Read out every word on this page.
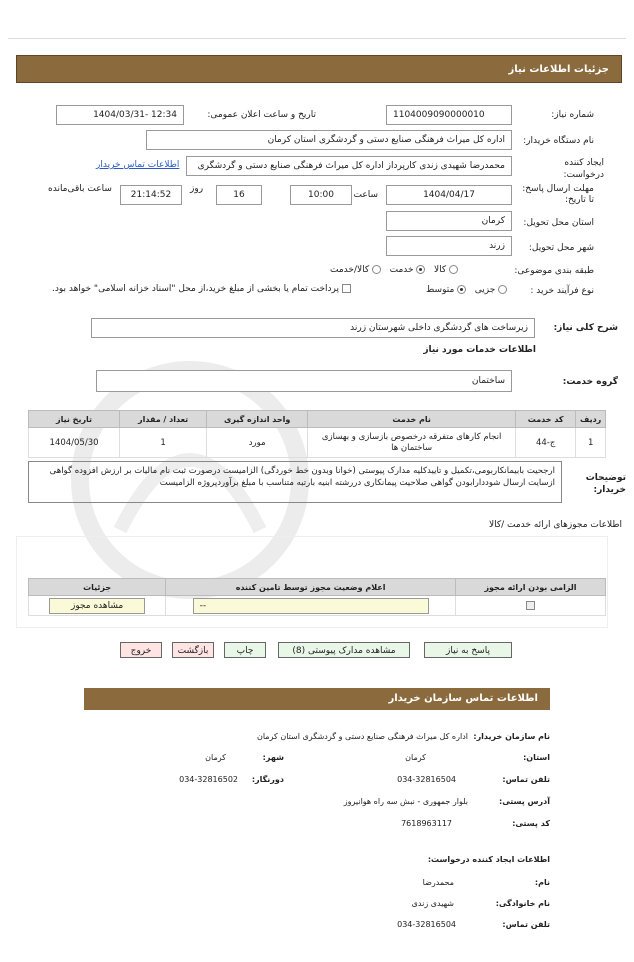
جزئیات اطلاعات نیاز
شماره نیاز:
1104009090000010
تاریخ و ساعت اعلان عمومی:
1404/03/31- 12:34
نام دستگاه خریدار:
اداره کل میراث فرهنگی صنایع دستی و گردشگری استان کرمان
ایجاد کننده درخواست:
محمدرضا شهیدی زندی کارپرداز اداره کل میراث فرهنگی صنایع دستی و گردشگری
اطلاعات تماس خریدار
مهلت ارسال پاسخ: تا تاریخ:
1404/04/17
ساعت
10:00
16
روز
21:14:52
ساعت باقی‌مانده
استان محل تحویل:
کرمان
شهر محل تحویل:
زرند
طبقه بندی موضوعی:
کالا    خدمت    کالا/خدمت
نوع فرآیند خرید :
جزیی    متوسط
پرداخت تمام یا بخشی از مبلغ خرید،از محل "اسناد خزانه اسلامی" خواهد بود.
شرح کلی نیاز:
زیرساخت های گردشگری داخلی شهرستان زرند
اطلاعات خدمات مورد نیاز
گروه خدمت:
ساختمان
ردیف	کد خدمت	نام خدمت	واحد اندازه گیری	تعداد / مقدار	تاریخ نیاز
1	ج-44	انجام کارهای متفرقه درخصوص بازسازی و بهسازی ساختمان ها	مورد	1	1404/05/30
توضیحات خریدار:
ارجحیت بابیمانکاربومی،تکمیل و تاییدکلیه مدارک پیوستی (خوانا وبدون خط خوردگی) الزامیست درصورت ثبت نام مالیات بر ارزش افزوده گواهی ازسایت ارسال شوددارابودن گواهی صلاحیت پیمانکاری دررشته ابنیه بارتبه متناسب با مبلغ برآوردپروژه الزامیست
اطلاعات مجوزهای ارائه خدمت /کالا
الزامی بودن ارائه مجوز	اعلام وضعیت مجوز توسط تامین کننده	جزئیات

	--	مشاهده مجوز
پاسخ به نیاز
مشاهده مدارک پیوستی (8)
چاپ
بازگشت
خروج
اطلاعات تماس سازمان خریدار
نام سازمان خریدار:
اداره کل میراث فرهنگی صنایع دستی و گردشگری استان کرمان
استان:
کرمان
شهر:
کرمان
تلفن تماس:
034-32816504
دورنگار:
034-32816502
آدرس پستی:
بلوار جمهوری - نبش سه راه هوانیروز
کد پستی:
7618963117
اطلاعات ایجاد کننده درخواست:
نام:
محمدرضا
نام خانوادگی:
شهیدی زندی
تلفن تماس:
034-32816504
